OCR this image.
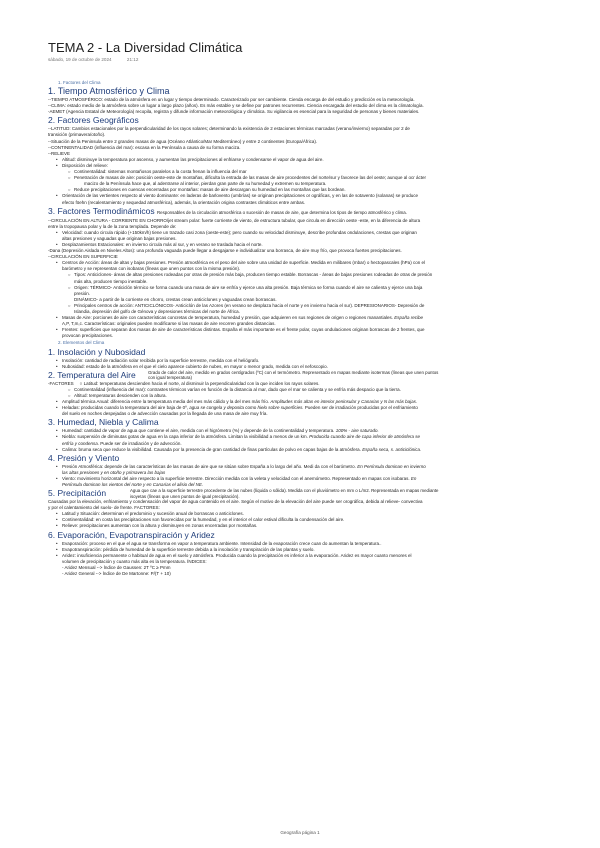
TEMA 2 - La Diversidad Climática
sábado, 19 de octubre de 2024	21:12

1. Factores del Clima

1. Tiempo Atmosférico y Clima

--TIEMPO ATMOSFÉRICO: estado de la atmósfera en un lugar y tiempo determinado. Caracterizado por ser cambiente. Cienda encarga de del estudio y predicción es la meteorología.

--CLIMA: estado medio de la atmósfera sobre un lugar a largo plazo (años). Es más estable y se define por patrones recurrentes. Ciencia encargada del estudio del clima es la climatología.

-AEMET (Agencia Estatal de Meteorología) recopila, registra y difunde información meteorológica y climática. Su vigilancia es esencial para la seguridad de personas y bienes materiales.

2. Factores Geográficos

--LATITUD: Cambios estacionales por la perpendicularidad de los rayos solares; determinando la existencia de 2 estaciones térmicas marcadas (verano/invierno) separadas por 2 de

transición (primavera/otoño).

--Situación de la Peninsula entre 2 grandes masas de agua (Océano Atlántico/Mar Mediterráneo) y entre 2 continentes (Europa/África).

--CONTINENTALIDAD (influencia del mar): escasa en la Península a causa de su forma maciza.

--RELIEVE

• Altitud: disminuye la temperatura por ascenso, y aumentan las precipitaciones al enfriarse y condensarse el vapor de agua del aire.

• Disposición del relieve:

○ Continentalidad: sistemas montañosos paralelos a la costa frenan la influencia del mar

○ Penetración de masas de aire: posición oeste-este de montañas, dificulta la entrada de las masas de aire procedentes del norte/sur y favorece las del oeste; aunque al ocr ácter

macizo de la Península hace que, al adentrarse al interior, pierdan gran parte de su humedad y extremen su temperatura.

○ Reduce precipitaciones en cuencas encerradas por montañas: masas de aire descargan su humedad en las montañas que las bordean.

• Orientación de las vertientes respecto al viento dominante: en laderas de barlovento (umbrías) se originan precipitaciones or ográficas, y en las de sotavento (solanas) se produce

efecto föehn (recalentamiento y sequedad atmosférica), además, la orientación origina contrastes climáticos entre ambas.

3. Factores Termodinámicos Responsables de la circulación atmosférica o sucesión de masas de aire, que determina los tipos de tiempo atmosférico y clima.

--CIRCULACIÓN EN ALTURA - CORRIENTE EN CHORRO/jet stream polar: fuerte corriente de viento, de estructura tubular, que circula en dirección oeste -este, en la diferencia de altura

entre la tropopausa polar y la de la zona templada. Depende de:

• Velocidad: cuando circula rápido (+150km/h) tiene un trazado casi zona (oeste-este); pero cuando su velocidad disminuye, describe profundas ondulaciones, crestas que originan

altas presiones y vaguadas que originan bajas presiones.

• Desplazamientos Estacionales: en invierno circula más al sur, y en verano se traslada hacia el norte.

-Dana (Depresión Aislada en Niveles Altos): una profunda vaguada puede llegar a desgajarse e individualizar una borrasca, de aire muy frío, que provoca fuertes precipitaciones.

--CIRCULACIÓN EN SUPERFICIE

• Centros de Acción: áreas de altas y bajas presiones. Presión atmosférica es el peso del aire sobre una unidad de superficie. Medida en milibares (mbar) o hectopascales (hPa) con el

barómetro y se representan con isobaras (líneas que unen puntos con la misma presión).

○ Tipos: Anticiclones- áreas de altas presiones rodeadas por otras de presión más baja, producen tiempo estable. Borrascas - áreas de bajas presiones rodeadas de otras de presión

más alta, producen tiempo inestable.

○ Origen: TÉRMICO- Anticiclón térmico se forma cuando una masa de aire se enfría y ejerce una alta presión. Baja térmica se forma cuando el aire se calienta y ejerce una baja

presión.

DINÁMICO- a partir de la corriente en chorro, crestas crean anticiclones y vaguadas crean borrascas.

○ Principales centros de acción: ANTICICLÓNICOS- Anticiclón de las Azores (en verano se desplaza hacia el norte y en invierno hacia el sur). DEPRESIONARIOS- Depresión de

Islandia, depresión del golfo de Génova y depresiones térmicas del norte de África.

• Masas de Aire: porciones de aire con características concretas de temperatura, humedad y presión, que adquieren en sus regiones de origen o regiones manantiales. España recibe

A,P, T,m,c. Características: originales pueden modificarse si las masas de aire recorren grandes distancias.

• Frentes: superficies que separan dos masas de aire de características distintas. España el más importante es el frente polar, cuyas ondulaciones originan borrascas de 2 frentes, que

provocan precipitaciones.

2. Elementos del Clima

1. Insolación y Nubosidad

• Insolación: cantidad de radiación solar recibida por la superficie terrestre, medida con el heliógrafo.

• Nubosidad: estado de la atmósfera en el que el cielo aparece cubierto de nubes, en mayor o menor grado, medida con el nefoscopio.

2. Temperatura del Aire	Grado de calor del aire, medido en grados centígrados (ºC) con el termómetro. Representado en mapas mediante isotermas (líneas que unen puntos
con igual temperatura)

-FACTORES ○ Latitud: temperaturas descienden hacia el norte, al disminuir la perpendicularidad con la que inciden los rayos solares.

○ Continentalidad (influencia del mar): contrastes térmicos varían en función de la distancia al mar, dado que el mar se calienta y se enfría más despacio que la tierra.

○ Altitud: temperaturas descienden con la altura.

• Amplitud térmica Anual: diferencia entre la temperatura media del mes más cálido y la del mes más frío. Amplitudes más altas en interior peninsular y Canarias y N las más bajas.

• Heladas: producidas cuando la temperatura del aire baja de 0º, agua se congela y deposita como hielo sobre superficies. Pueden ser de irradiación producidas por el enfriamiento

del suelo en noches despejadas o de advección causadas por la llegada de una masa de aire muy fría.

3. Humedad, Niebla y Calima

• Humedad: cantidad de vapor de agua que contiene el aire, medida con el higrómetro (%) y depende de la continentalidad y temperatura. 100% - aire saturado.

• Niebla: suspensión de diminutas gotas de agua en la capa inferior de la atmósfera. Limitan la visibilidad a menos de un km. Producida cuando aire de capa inferior de atmósfera se

enfría y condensa. Puede ser de irradiación y de advección.

• Calima: bruma seca que reduce la visibilidad. Causada por la presencia de gran cantidad de finas partículas de polvo en capas bajas de la atmósfera. España seca, s. anticiclónica.

4. Presión y Viento

• Presión Atmosférica: depende de las características de las masas de aire que se sitúan sobre España a lo largo del año. Medi da con el barómetro. En Península dominan en invierno

las altas presiones y en otoño y primavera las bajas

• Viento: movimiento horizontal del aire respecto a la superficie terrestre. Dirección medida con la veleta y velocidad con el anemómetro. Representado en mapas con isobaras. En

Península dominan los vientos del norte y en Canarias el alisio del NE.

5. Precipitación	Agua que cae a la superficie terrestre procedente de las nubes (líquida o sólida). Medida con el pluviómetro en mm o L/m2. Representada en mapas mediante
isoyetas (líneas que unen puntos de igual precipitación).

Causadas por la elevación, enfriamiento y condensación del vapor de agua contenido en el aire. Según el motivo de la elevación del aire puede ser orográfica, debida al relieve- convectiva

y por el calentamiento del suelo- de frente. FACTORES:

• Latitud y Situación: determinan el predominio y sucesión anual de borrascas o anticiclones.

• Continentalidad: en costa las precipitaciones son favorecidas por la humedad, y en el interior el calor estival dificulta la condensación del aire.

• Relieve: precipitaciones aumentan con la altura y disminuyen en zonas encerradas por montañas.

6. Evaporación, Evapotranspiración y Aridez

• Evaporación: proceso en el que el agua se transforma en vapor a temperatura ambiente. Intensidad de la evaporación crece cuan do aumentan la temperatura..

• Evapotranspiración: pérdida de humedad de la superficie terrestre debida a la insolación y transpiración de las plantas y suelo.

• Aridez: insuficiencia permanente o habitual de agua en el suelo y atmósfera. Producida cuando la precipitación es inferior a la evaporación. Aridez es mayor cuanto menores el

volumen de precipitación y cuanto más alta es la temperatura. ÍNDICES:

- Aridez Mensual --> Índice de Gaussen: 2T ºC ≥ Pmm

- Aridez General --> Índice de De Martonne: P/(T + 10)

Geografía página 1
